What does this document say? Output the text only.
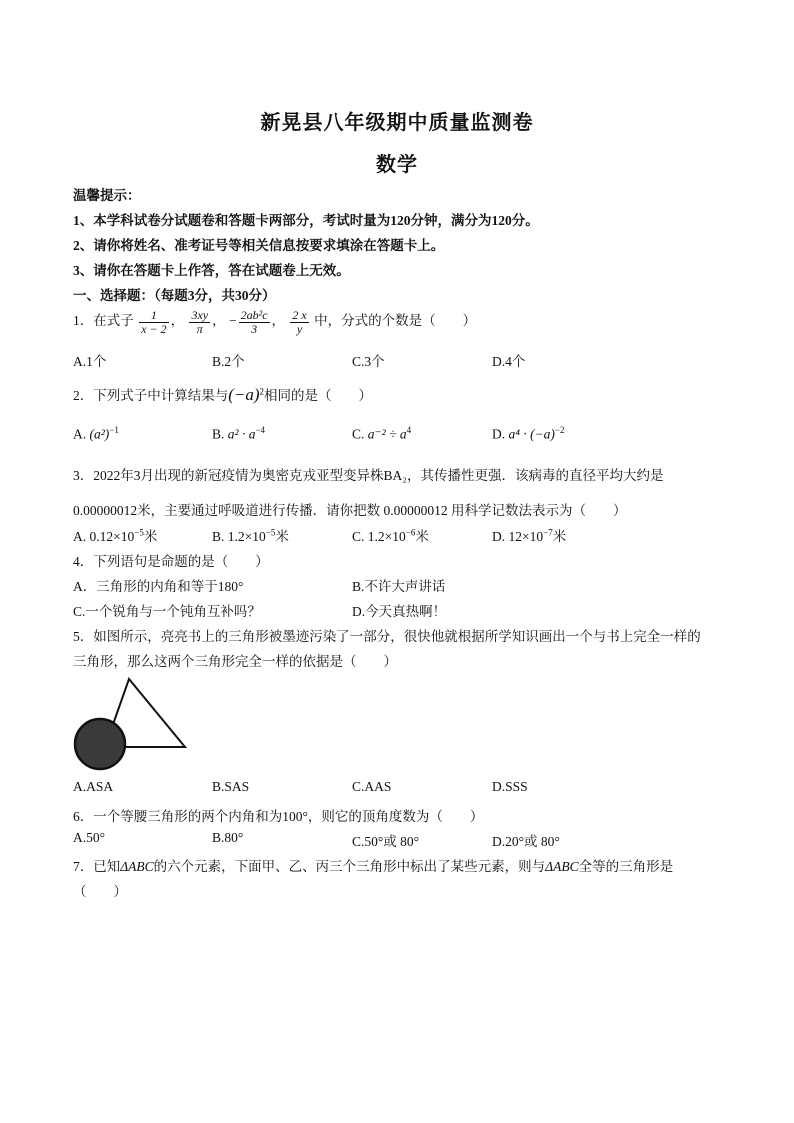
新晃县八年级期中质量监测卷
数学
温馨提示：
1、本学科试卷分试题卷和答题卡两部分，考试时量为120分钟，满分为120分。
2、请你将姓名、准考证号等相关信息按要求填涂在答题卡上。
3、请你在答题卡上作答，答在试题卷上无效。
一、选择题：（每题3分，共30分）
1．在式子 $\frac{1}{x - 2}$ ， $\frac{3xy}{\pi}$ ， − $\frac{\text{2ab²c}}{3}$ ， $\frac{2 x}{y}$ 中，分式的个数是（　　）
A.1个	B.2个	C.3个	D.4个
2．下列式子中计算结果与$(-a)^2$相同的是（　　）
A. $(a^2)^{-1}$	B. $a^2 \cdot a^{-4}$	C. $a^{-2} \div a^4$	D. $a^4 \cdot (-a)^{-2}$
3．2022年3月出现的新冠疫情为奥密克戎亚型变异株BA₂，其传播性更强．该病毒的直径平均大约是
0.00000012米，主要通过呼吸道进行传播．请你把数 0.00000012 用科学记数法表示为（　　）
A. $0.12\times 10^{-5}$米	B. $1.2\times 10^{-5}$米	C. $1.2\times 10^{-6}$米	D. $12\times 10^{-7}$米
4．下列语句是命题的是（　　）
A．三角形的内角和等于180°	B.不许大声讲话
C.一个锐角与一个钝角互补吗？	D.今天真热啊！
5．如图所示，亮亮书上的三角形被墨迹污染了一部分，很快他就根据所学知识画出一个与书上完全一样的
三角形，那么这两个三角形完全一样的依据是（　　）
A.ASA	B.SAS	C.AAS	D.SSS
6．一个等腰三角形的两个内角和为100°，则它的顶角度数为（　　）
A.50°	B.80°	C.50°或 80°	D.20°或 80°
7．已知ΔABC的六个元素，下面甲、乙、丙三个三角形中标出了某些元素，则与ΔABC全等的三角形是
（　　）
